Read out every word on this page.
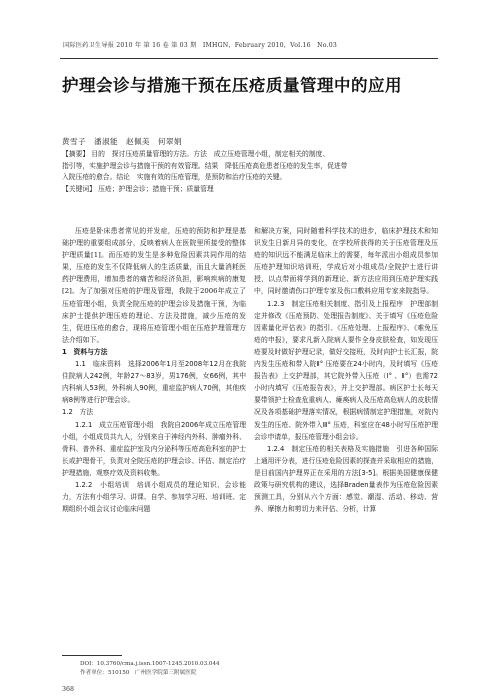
国际医药卫生导报 2010 年 第 16 卷 第 03 期　IMHGN，February 2010，Vol.16　No.03
护理会诊与措施干预在压疮质量管理中的应用
黄雪子　潘淑能　赵佩美　何翠娟

【摘要】 目的　探讨压疮质量管理的方法。方法　成立压疮管理小组，制定相关的制度、

指引等，实施护理会诊与措施干预的有效管理。结果　降低压疮高危患者压疮的发生率，促进带

入院压疮的愈合。结论　实施有效的压疮管理，是预防和治疗压疮的关键。

【关键词】 压疮；护理会诊；措施干预；质量管理

压疮是卧床患者常见的并发症，压疮的预防和护理是基础护理的重要组成部分，反映着病人在医院里所接受的整体护理质量[1]。而压疮的发生是多种危险因素共同作用的结果，压疮的发生不仅降低病人的生活质量，而且大量消耗医药护理费用，增加患者的痛苦和经济负担，影响疾病的康复[2]。为了加强对压疮的护理及管理，我院于2006年成立了压疮管理小组，负责全院压疮的护理会诊及措施干预，为临床护士提供护理压疮的理论、方法及措施，减少压疮的发生，促进压疮的愈合，现将压疮管理小组在压疮护理管理方法介绍如下。

1　资料与方法

1.1　临床资料　选择2006年1月至2008年12月在我院住院病人242例，年龄27～83岁，男176例，女66例，其中内科病人53例，外科病人90例，重症监护病人70例，其他疾病8例等进行护理会诊。

1.2　方法

1.2.1　成立压疮管理小组　我院自2006年成立压疮管理小组，小组成员共九人，分别来自于神经内外科、肿瘤外科、骨科、普外科、重症监护室及内分泌科等压疮高危科室的护士长或护理骨干，负责对全院压疮的护理会诊、评估、制定治疗护理措施、观察疗效及资料收集。

1.2.2　小组培训　培训小组成员的理论知识、会诊能力，方法有小组学习、讲课、自学、参加学习班、培训班、定期组织小组会议讨论临床问题

和解决方案，同时随着科学技术的进步，临床护理技术和知识发生日新月异的变化，在学校所获得的关于压疮管理及压疮的知识远不能满足临床上的需要，每年派出小组成员参加压疮护理知识培训班，学成后对小组成员/全院护士进行讲授，以点带面将学到的新理论、新方法应用到压疮护理实践中，同时邀请伤口护理专家及伤口敷料应用专家来院指导。

1.2.3　制定压疮相关制度、指引及上报程序　护理部制定并修改《压疮预防、处理报告制度》、关于填写《压疮危险因素量化评估表》的指引、《压疮处理、上报程序》、《难免压疮的申报》，要求凡新入院病人要作全身皮肤检查，如发现压疮要及时做好护理记录，做好交接班，及时向护士长汇报，院内发生压疮和带入院Ⅱ° 压疮要在24小时内，及时填写《压疮报告表》上交护理部，其它院外带入压疮（Ⅰ° 、Ⅱ°）也需72小时内填写《压疮报告表》，并上交护理部。病区护士长每天要带领护士检查危重病人、瘫痪病人及压疮高危病人的皮肤情况及各项基础护理落实情况，根据病情制定护理措施，对院内发生的压疮、院外带入Ⅲ° 压疮，科室应在48小时写压疮护理会诊申请单，报压疮管理小组会诊。

1.2.4　制定压疮的相关表格及实施措施　引进各种国际上通用评分表，进行压疮危险因素的探查并采取相应的措施，是目前国内护理界正在采用的方法[3-5]。根据美国健康保健政策与研究机构的建议，选择Braden量表作为压疮危险因素预测工具，分别从六个方面：感觉、潮湿、活动、移动、营养、摩擦力和剪切力来评估、分析，计算

DOI：10.3760/cma.j.issn.1007-1245.2010.03.044

作者单位：510150　广州医学院第三附属医院

368
